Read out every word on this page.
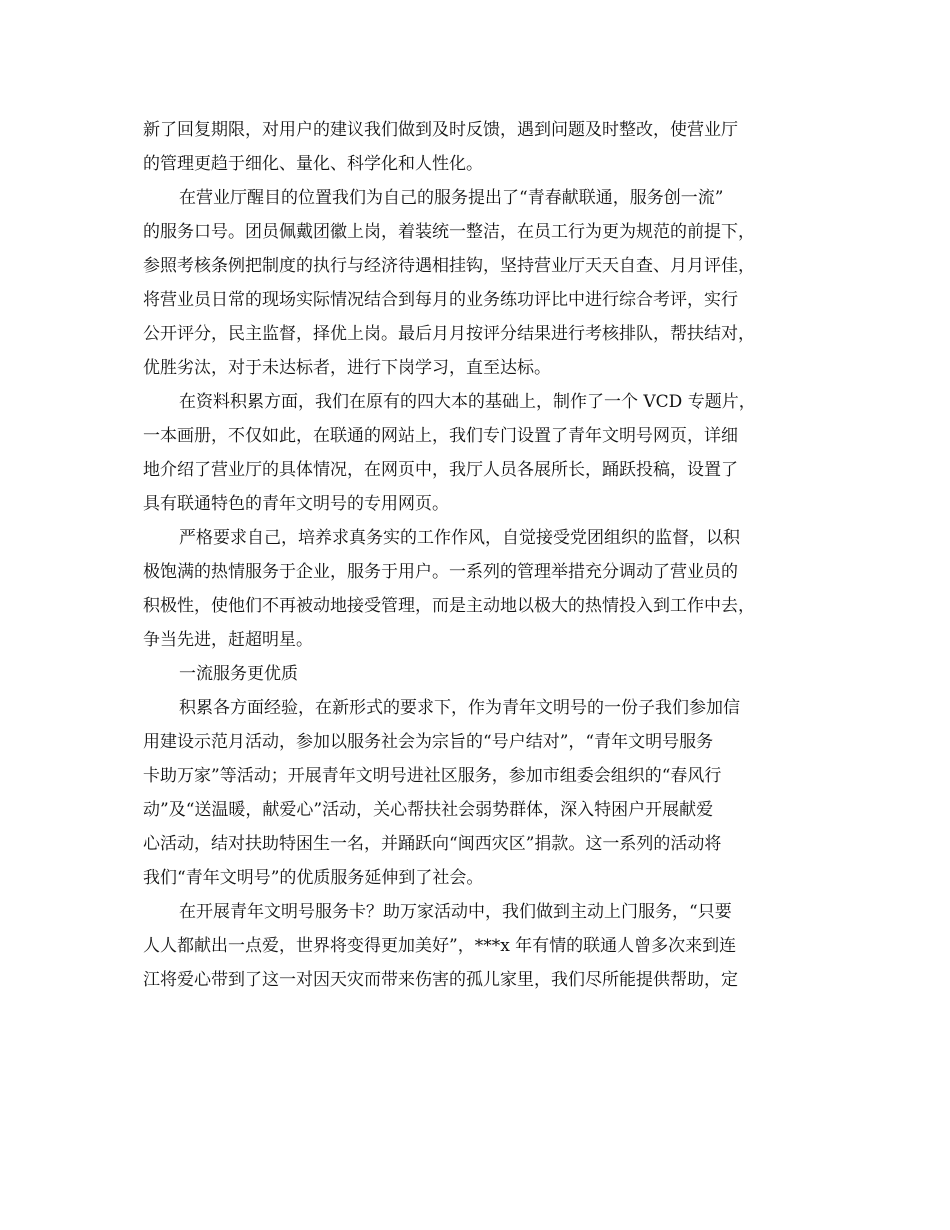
新了回复期限，对用户的建议我们做到及时反馈，遇到问题及时整改，使营业厅
的管理更趋于细化、量化、科学化和人性化。
在营业厅醒目的位置我们为自己的服务提出了“青春献联通，服务创一流”
的服务口号。团员佩戴团徽上岗，着装统一整洁，在员工行为更为规范的前提下，
参照考核条例把制度的执行与经济待遇相挂钩，坚持营业厅天天自查、月月评佳，
将营业员日常的现场实际情况结合到每月的业务练功评比中进行综合考评，实行
公开评分，民主监督，择优上岗。最后月月按评分结果进行考核排队，帮扶结对，
优胜劣汰，对于未达标者，进行下岗学习，直至达标。
在资料积累方面，我们在原有的四大本的基础上，制作了一个 VCD 专题片，
一本画册，不仅如此，在联通的网站上，我们专门设置了青年文明号网页，详细
地介绍了营业厅的具体情况，在网页中，我厅人员各展所长，踊跃投稿，设置了
具有联通特色的青年文明号的专用网页。
严格要求自己，培养求真务实的工作作风，自觉接受党团组织的监督，以积
极饱满的热情服务于企业，服务于用户。一系列的管理举措充分调动了营业员的
积极性，使他们不再被动地接受管理，而是主动地以极大的热情投入到工作中去，
争当先进，赶超明星。
一流服务更优质
积累各方面经验，在新形式的要求下，作为青年文明号的一份子我们参加信
用建设示范月活动，参加以服务社会为宗旨的“号户结对”，“青年文明号服务
卡助万家”等活动；开展青年文明号进社区服务，参加市组委会组织的“春风行
动”及“送温暖，献爱心”活动，关心帮扶社会弱势群体，深入特困户开展献爱
心活动，结对扶助特困生一名，并踊跃向“闽西灾区”捐款。这一系列的活动将
我们“青年文明号”的优质服务延伸到了社会。
在开展青年文明号服务卡？助万家活动中，我们做到主动上门服务，“只要
人人都献出一点爱，世界将变得更加美好”，***x 年有情的联通人曾多次来到连
江将爱心带到了这一对因天灾而带来伤害的孤儿家里，我们尽所能提供帮助，定
